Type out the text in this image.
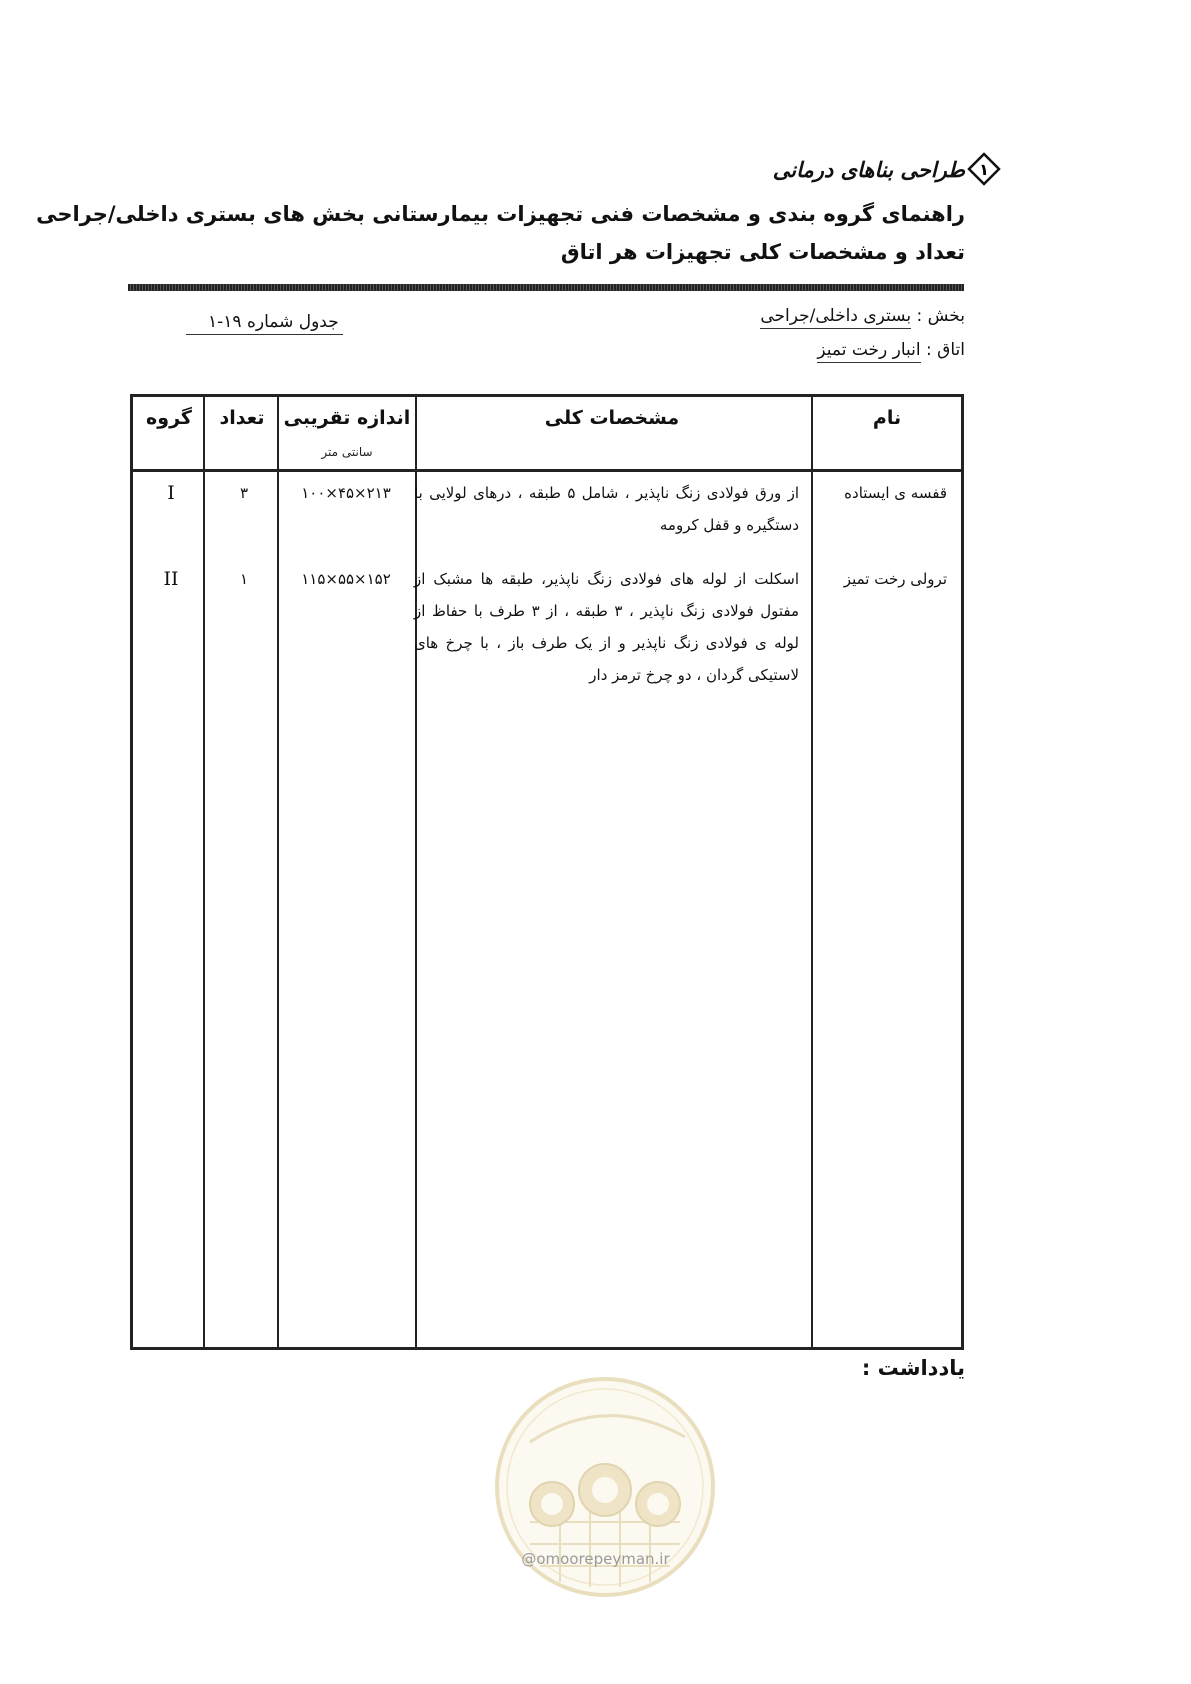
طراحی بناهای درمانی ۱
راهنمای گروه بندی و مشخصات فنی تجهیزات بیمارستانی بخش های بستری داخلی/جراحی
تعداد و مشخصات کلی تجهیزات هر اتاق
بخش : بستری داخلی/جراحی
اتاق : انبار رخت تمیز
جدول شماره ۱۹-۱
نام
مشخصات کلی
اندازه تقریبی
سانتی متر
تعداد
گروه
قفسه ی ایستاده
از ورق فولادی زنگ ناپذیر ، شامل ۵ طبقه ، درهای لولایی با دستگیره و قفل کرومه
۱۰۰×۴۵×۲۱۳
۳
I
ترولی رخت تمیز
اسکلت از لوله های فولادی زنگ ناپذیر، طبقه ها مشبک از مفتول فولادی زنگ ناپذیر ، ۳ طبقه ، از ۳ طرف با حفاظ از لوله ی فولادی زنگ ناپذیر و از یک طرف باز ، با چرخ های لاستیکی گردان ، دو چرخ ترمز دار
۱۱۵×۵۵×۱۵۲
۱
II
یادداشت :
@omoorepeyman.ir
